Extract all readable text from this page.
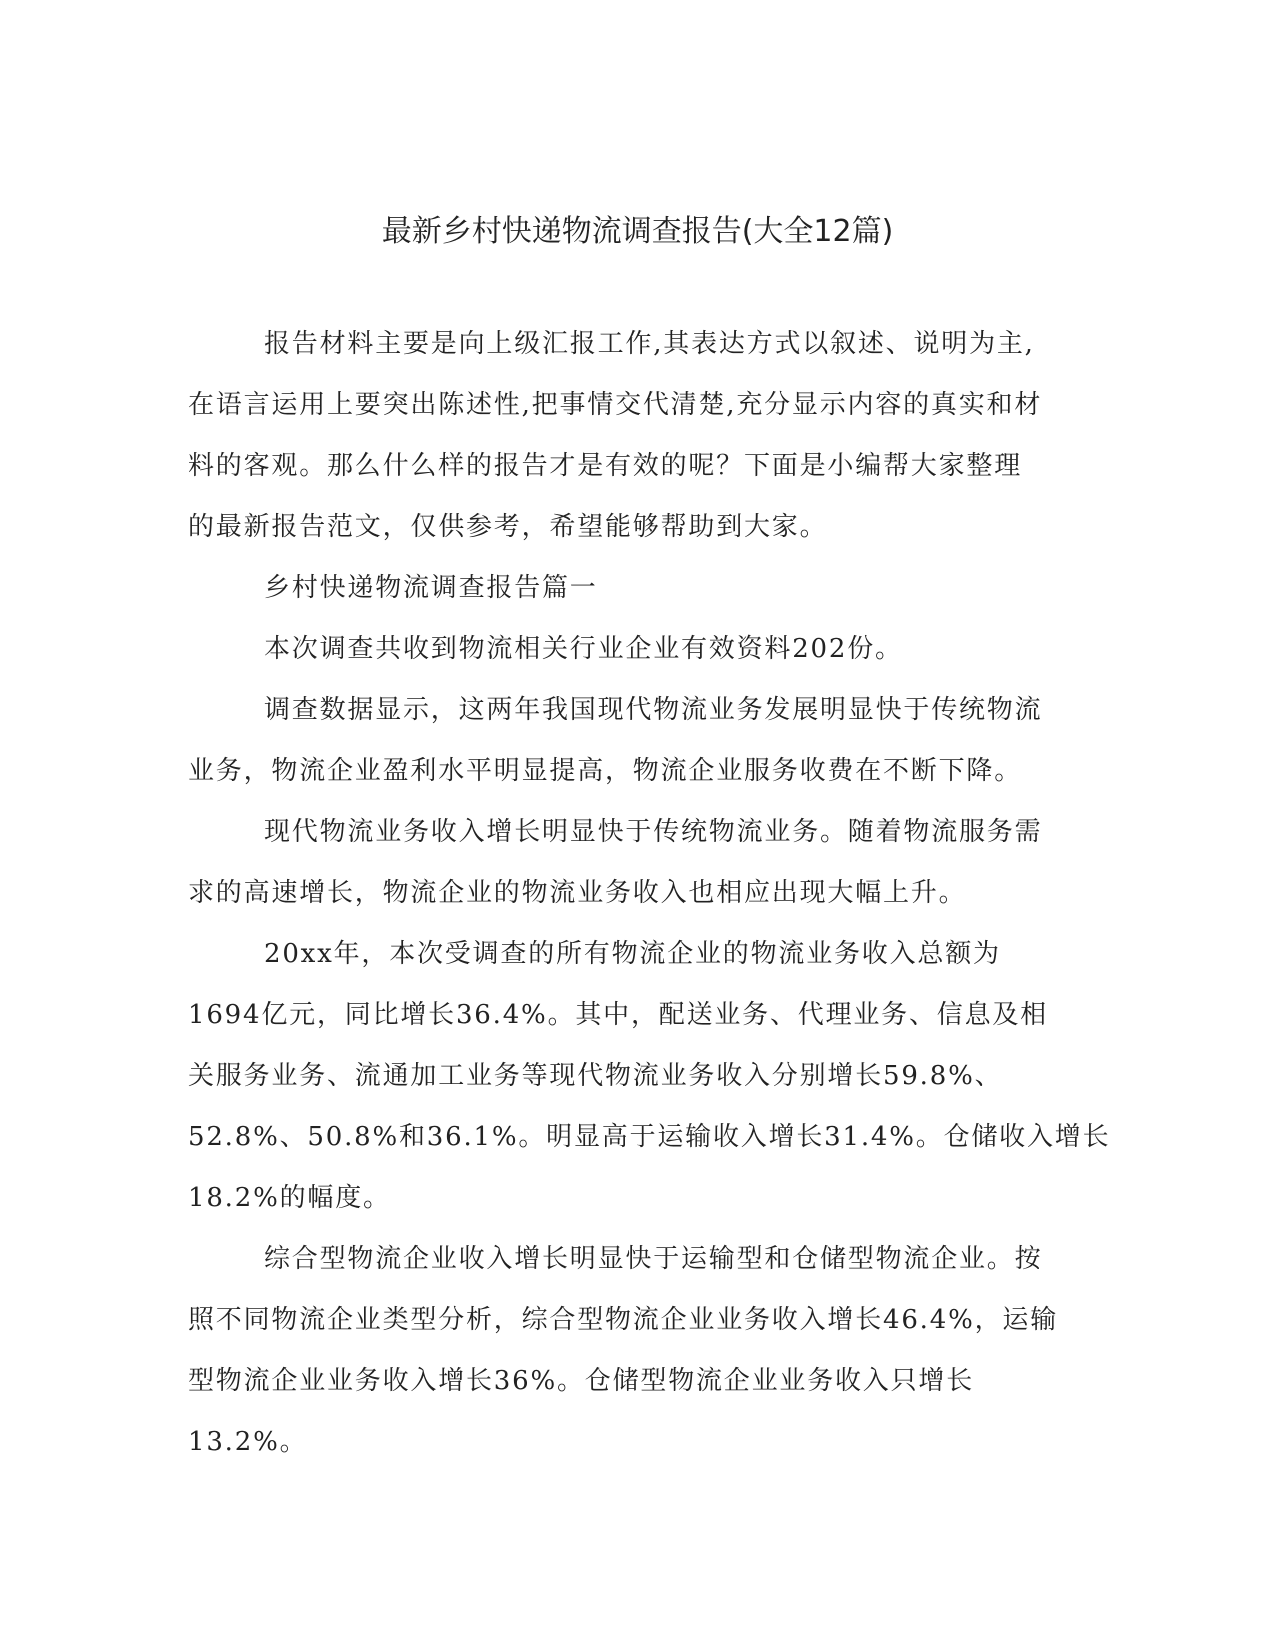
最新乡村快递物流调查报告(大全12篇)
报告材料主要是向上级汇报工作,其表达方式以叙述、说明为主,
在语言运用上要突出陈述性,把事情交代清楚,充分显示内容的真实和材
料的客观。那么什么样的报告才是有效的呢？下面是小编帮大家整理
的最新报告范文，仅供参考，希望能够帮助到大家。
乡村快递物流调查报告篇一
本次调查共收到物流相关行业企业有效资料202份。
调查数据显示，这两年我国现代物流业务发展明显快于传统物流
业务，物流企业盈利水平明显提高，物流企业服务收费在不断下降。
现代物流业务收入增长明显快于传统物流业务。随着物流服务需
求的高速增长，物流企业的物流业务收入也相应出现大幅上升。
20xx年，本次受调查的所有物流企业的物流业务收入总额为
1694亿元，同比增长36.4%。其中，配送业务、代理业务、信息及相
关服务业务、流通加工业务等现代物流业务收入分别增长59.8%、
52.8%、50.8%和36.1%。明显高于运输收入增长31.4%。仓储收入增长
18.2%的幅度。
综合型物流企业收入增长明显快于运输型和仓储型物流企业。按
照不同物流企业类型分析，综合型物流企业业务收入增长46.4%，运输
型物流企业业务收入增长36%。仓储型物流企业业务收入只增长
13.2%。
